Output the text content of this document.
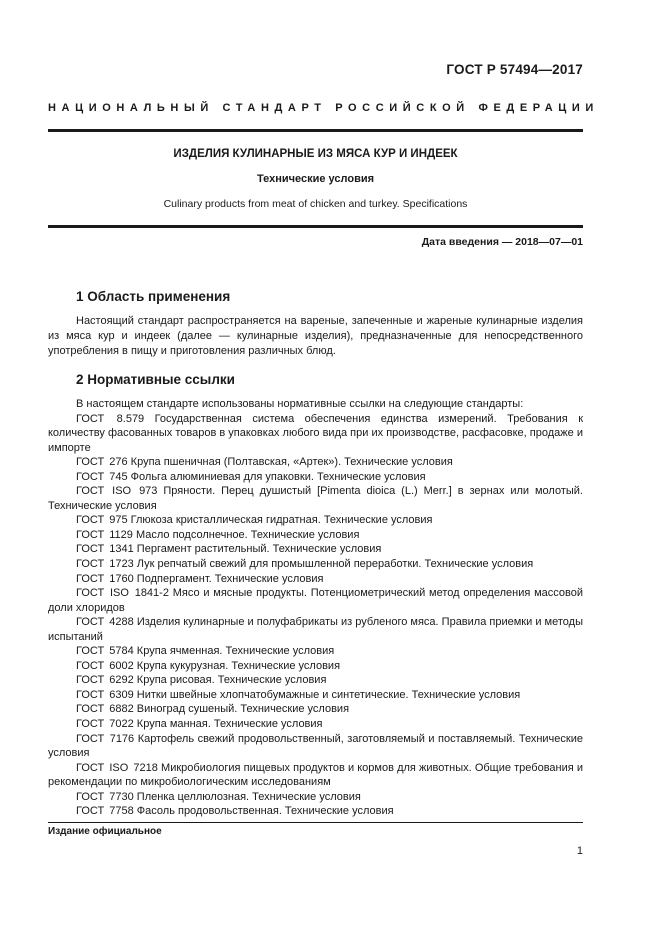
ГОСТ Р 57494—2017
НАЦИОНАЛЬНЫЙ СТАНДАРТ РОССИЙСКОЙ ФЕДЕРАЦИИ
ИЗДЕЛИЯ КУЛИНАРНЫЕ ИЗ МЯСА КУР И ИНДЕЕК
Технические условия
Culinary products from meat of chicken and turkey. Specifications
Дата введения — 2018—07—01
1 Область применения
Настоящий стандарт распространяется на вареные, запеченные и жареные кулинарные изделия из мяса кур и индеек (далее — кулинарные изделия), предназначенные для непосредственного употребления в пищу и приготовления различных блюд.
2 Нормативные ссылки
В настоящем стандарте использованы нормативные ссылки на следующие стандарты:
ГОСТ 8.579 Государственная система обеспечения единства измерений. Требования к количеству фасованных товаров в упаковках любого вида при их производстве, расфасовке, продаже и импорте
ГОСТ 276 Крупа пшеничная (Полтавская, «Артек»). Технические условия
ГОСТ 745 Фольга алюминиевая для упаковки. Технические условия
ГОСТ ISO 973 Пряности. Перец душистый [Pimenta dioica (L.) Merr.] в зернах или молотый. Технические условия
ГОСТ 975 Глюкоза кристаллическая гидратная. Технические условия
ГОСТ 1129 Масло подсолнечное. Технические условия
ГОСТ 1341 Пергамент растительный. Технические условия
ГОСТ 1723 Лук репчатый свежий для промышленной переработки. Технические условия
ГОСТ 1760 Подпергамент. Технические условия
ГОСТ ISO 1841-2 Мясо и мясные продукты. Потенциометрический метод определения массовой доли хлоридов
ГОСТ 4288 Изделия кулинарные и полуфабрикаты из рубленого мяса. Правила приемки и методы испытаний
ГОСТ 5784 Крупа ячменная. Технические условия
ГОСТ 6002 Крупа кукурузная. Технические условия
ГОСТ 6292 Крупа рисовая. Технические условия
ГОСТ 6309 Нитки швейные хлопчатобумажные и синтетические. Технические условия
ГОСТ 6882 Виноград сушеный. Технические условия
ГОСТ 7022 Крупа манная. Технические условия
ГОСТ 7176 Картофель свежий продовольственный, заготовляемый и поставляемый. Технические условия
ГОСТ ISO 7218 Микробиология пищевых продуктов и кормов для животных. Общие требования и рекомендации по микробиологическим исследованиям
ГОСТ 7730 Пленка целлюлозная. Технические условия
ГОСТ 7758 Фасоль продовольственная. Технические условия
Издание официальное
1
